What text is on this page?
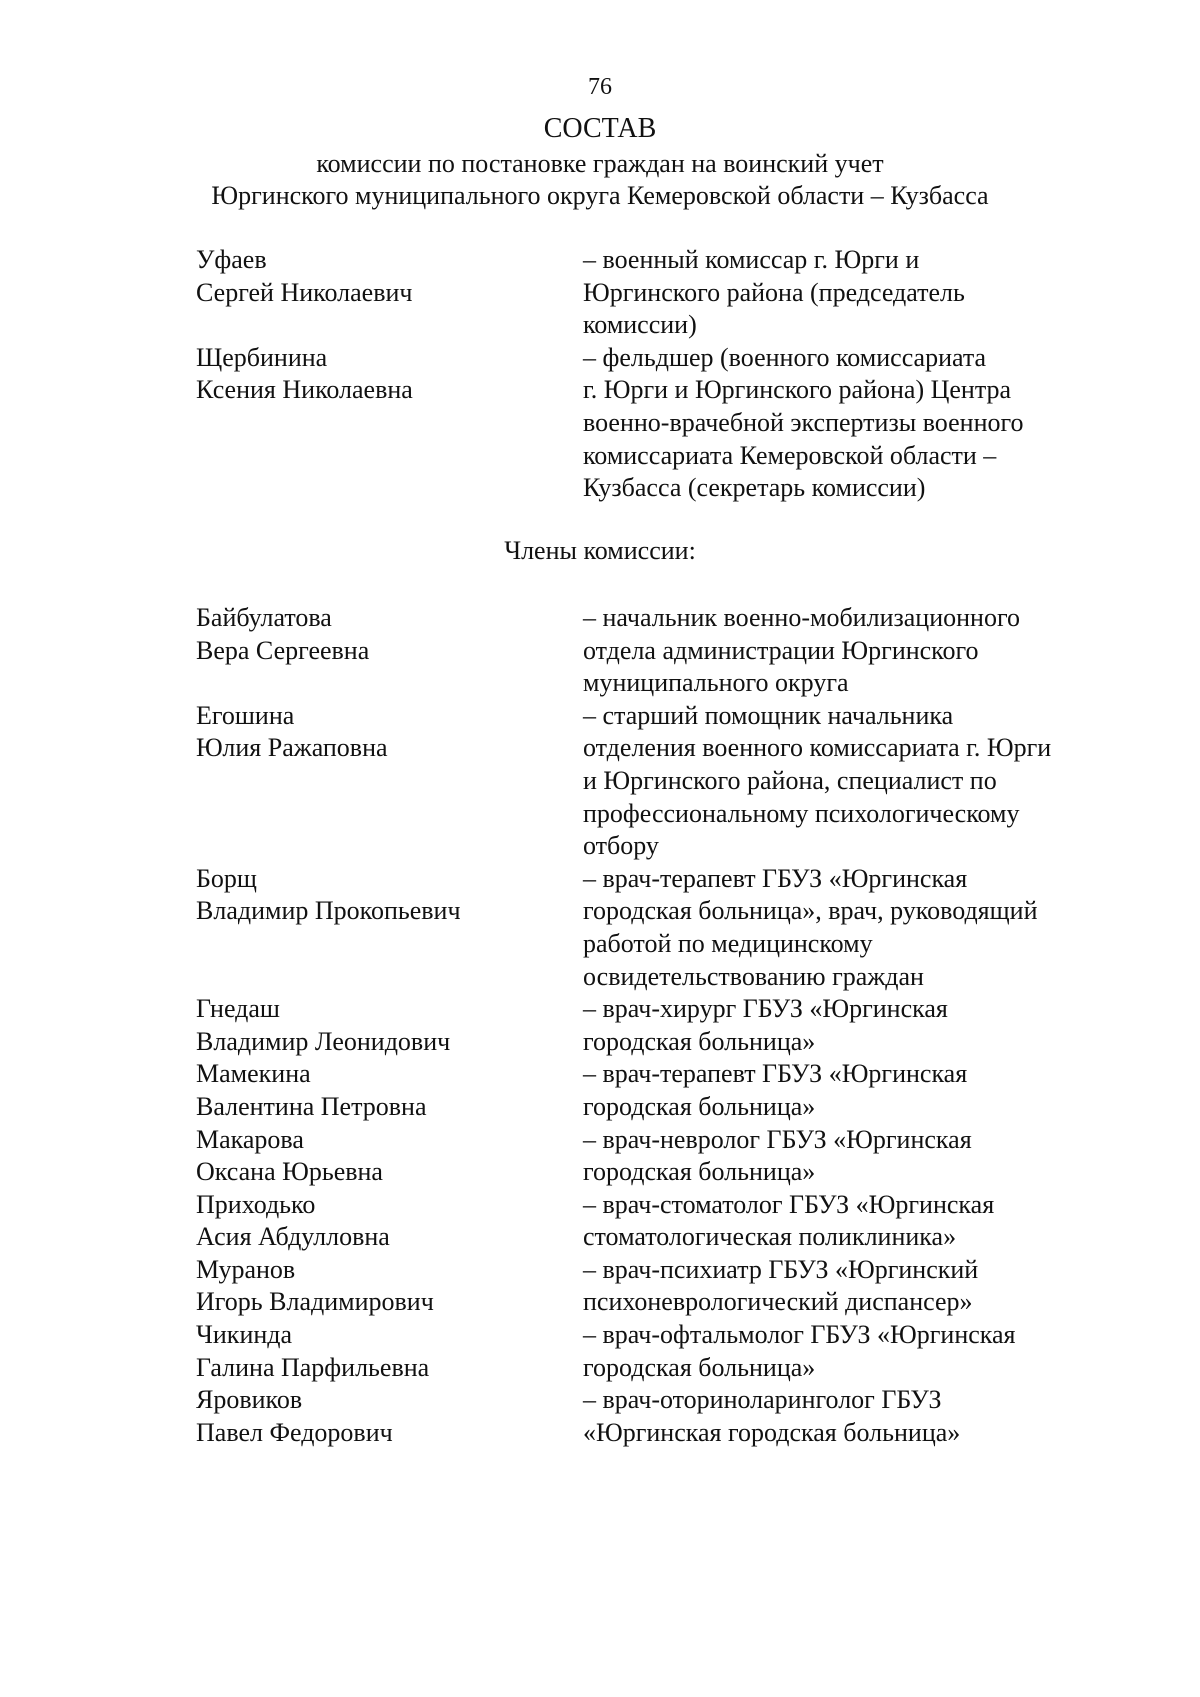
76
СОСТАВ
комиссии по постановке граждан на воинский учет
Юргинского муниципального округа Кемеровской области – Кузбасса
Уфаев
Сергей Николаевич
– военный комиссар г. Юрги и
Юргинского района (председатель
комиссии)
Щербинина
Ксения Николаевна
– фельдшер (военного комиссариата
г. Юрги и Юргинского района) Центра
военно-врачебной экспертизы военного
комиссариата Кемеровской области –
Кузбасса (секретарь комиссии)
Члены комиссии:
Байбулатова
Вера Сергеевна
– начальник военно-мобилизационного
отдела администрации Юргинского
муниципального округа
Егошина
Юлия Ражаповна
– старший помощник начальника
отделения военного комиссариата г. Юрги
и Юргинского района, специалист по
профессиональному психологическому
отбору
Борщ
Владимир Прокопьевич
– врач-терапевт ГБУЗ «Юргинская
городская больница», врач, руководящий
работой по медицинскому
освидетельствованию граждан
Гнедаш
Владимир Леонидович
– врач-хирург ГБУЗ «Юргинская
городская больница»
Мамекина
Валентина Петровна
– врач-терапевт ГБУЗ «Юргинская
городская больница»
Макарова
Оксана Юрьевна
– врач-невролог ГБУЗ «Юргинская
городская больница»
Приходько
Асия Абдулловна
– врач-стоматолог ГБУЗ «Юргинская
стоматологическая поликлиника»
Муранов
Игорь Владимирович
– врач-психиатр ГБУЗ «Юргинский
психоневрологический диспансер»
Чикинда
Галина Парфильевна
– врач-офтальмолог ГБУЗ «Юргинская
городская больница»
Яровиков
Павел Федорович
– врач-оториноларинголог ГБУЗ
«Юргинская городская больница»
